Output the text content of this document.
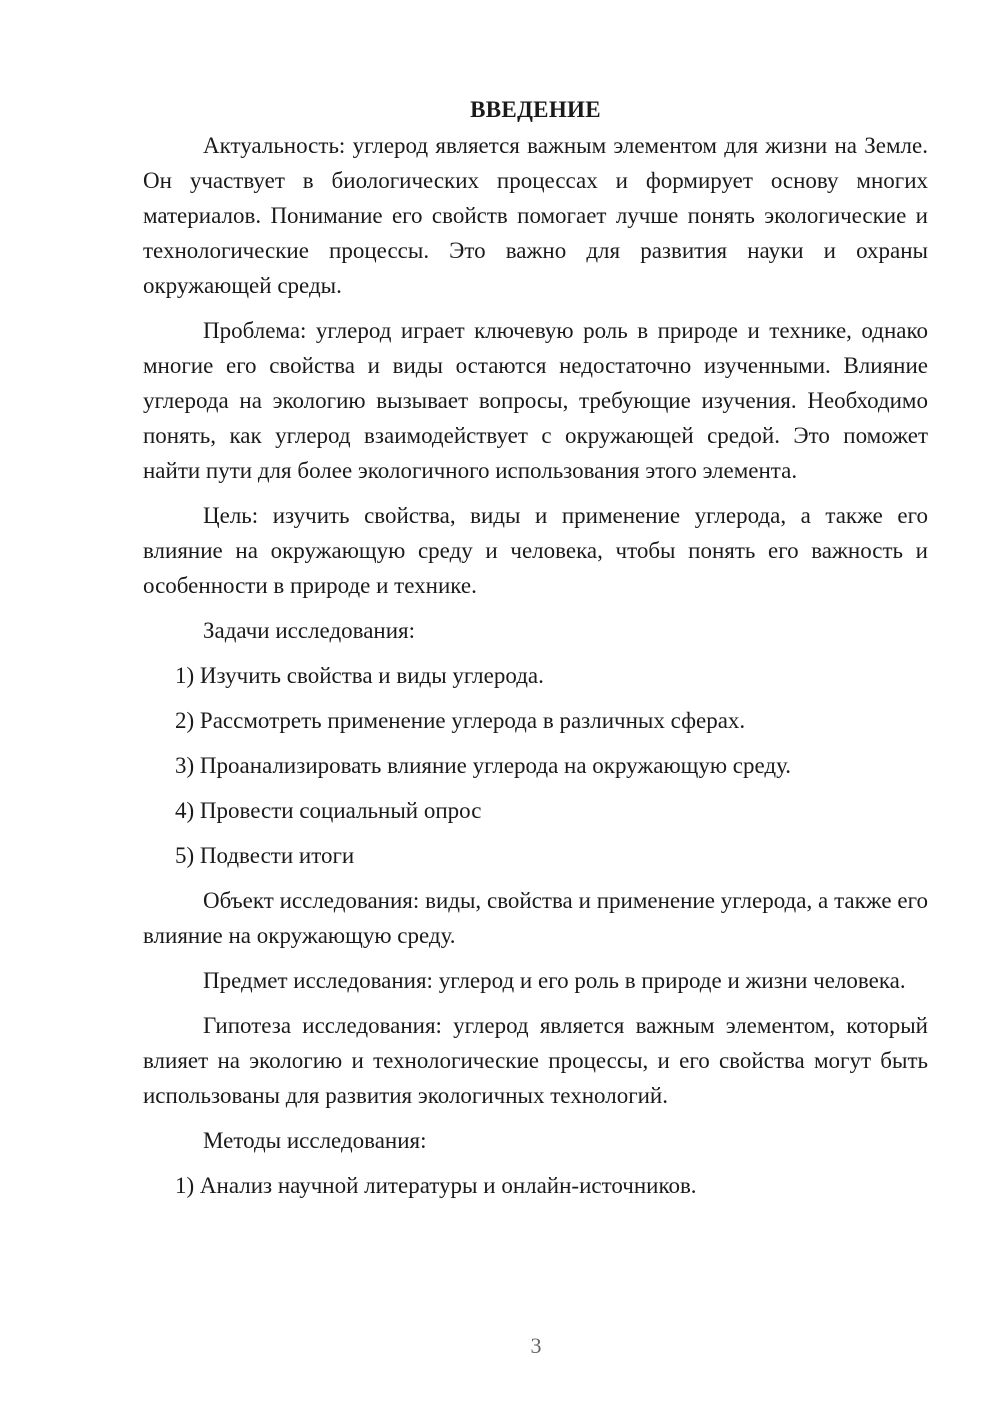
ВВЕДЕНИЕ

Актуальность: углерод является важным элементом для жизни на Земле. Он участвует в биологических процессах и формирует основу многих материалов. Понимание его свойств помогает лучше понять экологические и технологические процессы. Это важно для развития науки и охраны окружающей среды.

Проблема: углерод играет ключевую роль в природе и технике, однако многие его свойства и виды остаются недостаточно изученными. Влияние углерода на экологию вызывает вопросы, требующие изучения. Необходимо понять, как углерод взаимодействует с окружающей средой. Это поможет найти пути для более экологичного использования этого элемента.

Цель: изучить свойства, виды и применение углерода, а также его влияние на окружающую среду и человека, чтобы понять его важность и особенности в природе и технике.

Задачи исследования:
1) Изучить свойства и виды углерода.
2) Рассмотреть применение углерода в различных сферах.
3) Проанализировать влияние углерода на окружающую среду.
4) Провести социальный опрос
5) Подвести итоги

Объект исследования: виды, свойства и применение углерода, а также его влияние на окружающую среду.

Предмет исследования: углерод и его роль в природе и жизни человека.

Гипотеза исследования: углерод является важным элементом, который влияет на экологию и технологические процессы, и его свойства могут быть использованы для развития экологичных технологий.

Методы исследования:
1) Анализ научной литературы и онлайн-источников.
3
